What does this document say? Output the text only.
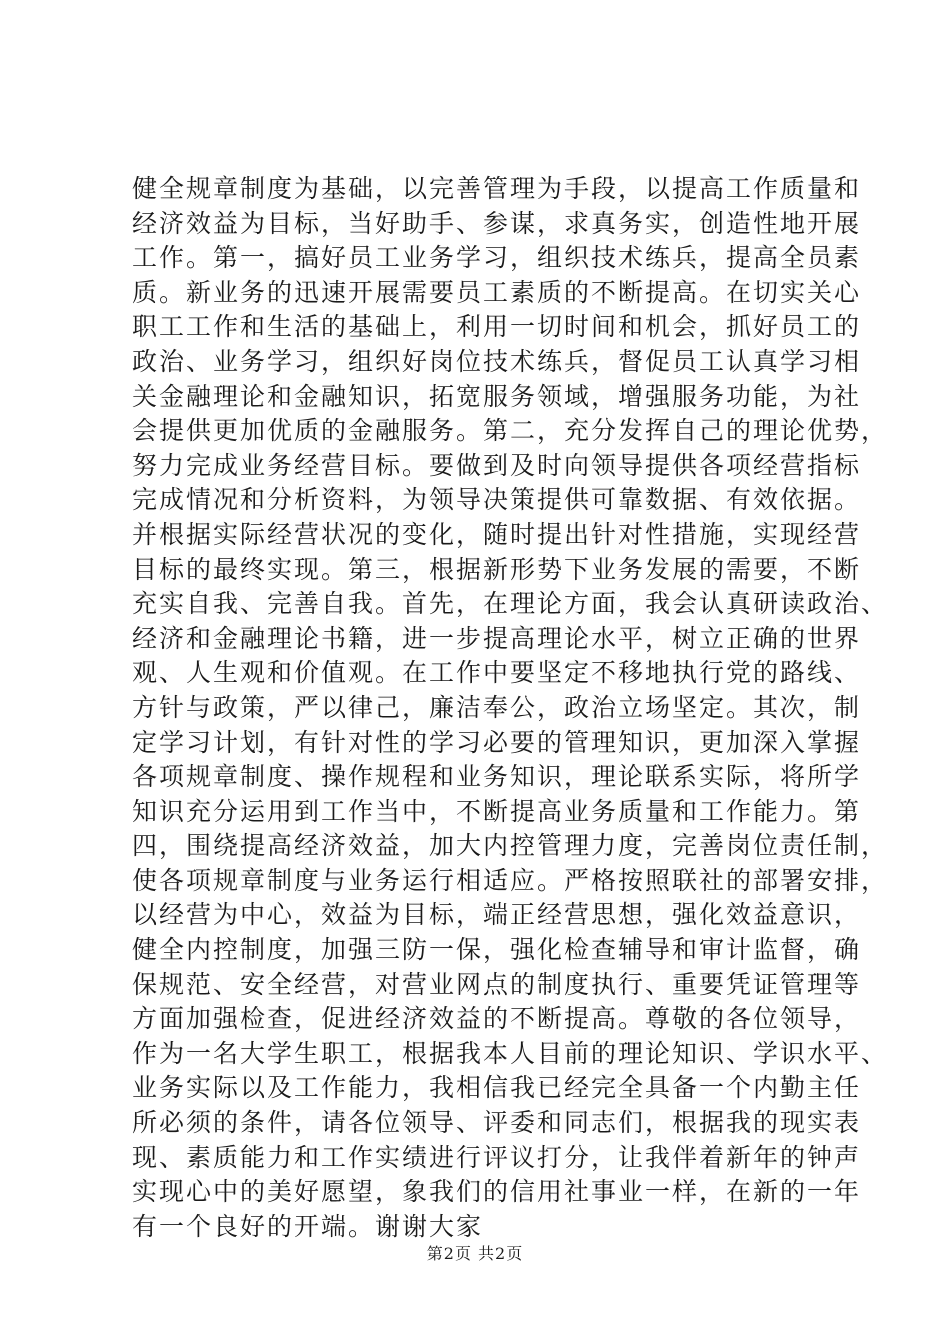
健全规章制度为基础，以完善管理为手段，以提高工作质量和
经济效益为目标，当好助手、参谋，求真务实，创造性地开展
工作。第一，搞好员工业务学习，组织技术练兵，提高全员素
质。新业务的迅速开展需要员工素质的不断提高。在切实关心
职工工作和生活的基础上，利用一切时间和机会，抓好员工的
政治、业务学习，组织好岗位技术练兵，督促员工认真学习相
关金融理论和金融知识，拓宽服务领域，增强服务功能，为社
会提供更加优质的金融服务。第二，充分发挥自己的理论优势，
努力完成业务经营目标。要做到及时向领导提供各项经营指标
完成情况和分析资料，为领导决策提供可靠数据、有效依据。
并根据实际经营状况的变化，随时提出针对性措施，实现经营
目标的最终实现。第三，根据新形势下业务发展的需要，不断
充实自我、完善自我。首先，在理论方面，我会认真研读政治、
经济和金融理论书籍，进一步提高理论水平，树立正确的世界
观、人生观和价值观。在工作中要坚定不移地执行党的路线、
方针与政策，严以律己，廉洁奉公，政治立场坚定。其次，制
定学习计划，有针对性的学习必要的管理知识，更加深入掌握
各项规章制度、操作规程和业务知识，理论联系实际，将所学
知识充分运用到工作当中，不断提高业务质量和工作能力。第
四，围绕提高经济效益，加大内控管理力度，完善岗位责任制，
使各项规章制度与业务运行相适应。严格按照联社的部署安排，
以经营为中心，效益为目标，端正经营思想，强化效益意识，
健全内控制度，加强三防一保，强化检查辅导和审计监督，确
保规范、安全经营，对营业网点的制度执行、重要凭证管理等
方面加强检查，促进经济效益的不断提高。尊敬的各位领导，
作为一名大学生职工，根据我本人目前的理论知识、学识水平、
业务实际以及工作能力，我相信我已经完全具备一个内勤主任
所必须的条件，请各位领导、评委和同志们，根据我的现实表
现、素质能力和工作实绩进行评议打分，让我伴着新年的钟声
实现心中的美好愿望，象我们的信用社事业一样，在新的一年
有一个良好的开端。谢谢大家
第2页 共2页
